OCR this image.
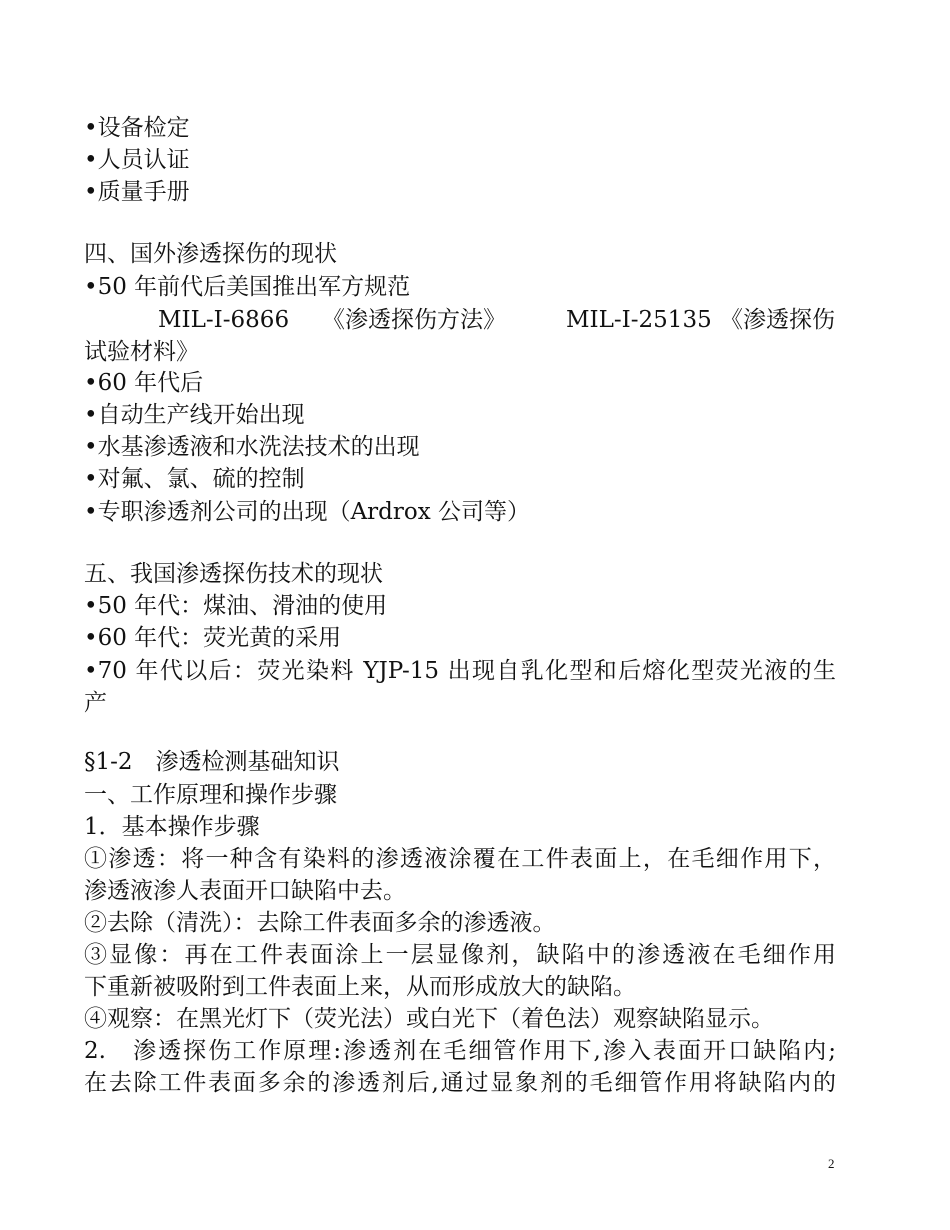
•设备检定
•人员认证
•质量手册
四、国外渗透探伤的现状
•50 年前代后美国推出军方规范
MIL-I-6866 《渗透探伤方法》	MIL-I-25135 《渗透探伤
试验材料》
•60 年代后
•自动生产线开始出现
•水基渗透液和水洗法技术的出现
•对氟、氯、硫的控制
•专职渗透剂公司的出现（Ardrox 公司等）
五、我国渗透探伤技术的现状
•50 年代：煤油、滑油的使用
•60 年代：荧光黄的采用
•70 年代以后：荧光染料 YJP-15 出现自乳化型和后熔化型荧光液的生
产
§1-2　渗透检测基础知识
一、工作原理和操作步骤
1．基本操作步骤
①渗透：将一种含有染料的渗透液涂覆在工件表面上，在毛细作用下，
渗透液渗人表面开口缺陷中去。
②去除（清洗）：去除工件表面多余的渗透液。
③显像：再在工件表面涂上一层显像剂，缺陷中的渗透液在毛细作用
下重新被吸附到工件表面上来，从而形成放大的缺陷。
④观察：在黑光灯下（荧光法）或白光下（着色法）观察缺陷显示。
2.　渗透探伤工作原理:渗透剂在毛细管作用下,渗入表面开口缺陷内;
在去除工件表面多余的渗透剂后,通过显象剂的毛细管作用将缺陷内的
2
